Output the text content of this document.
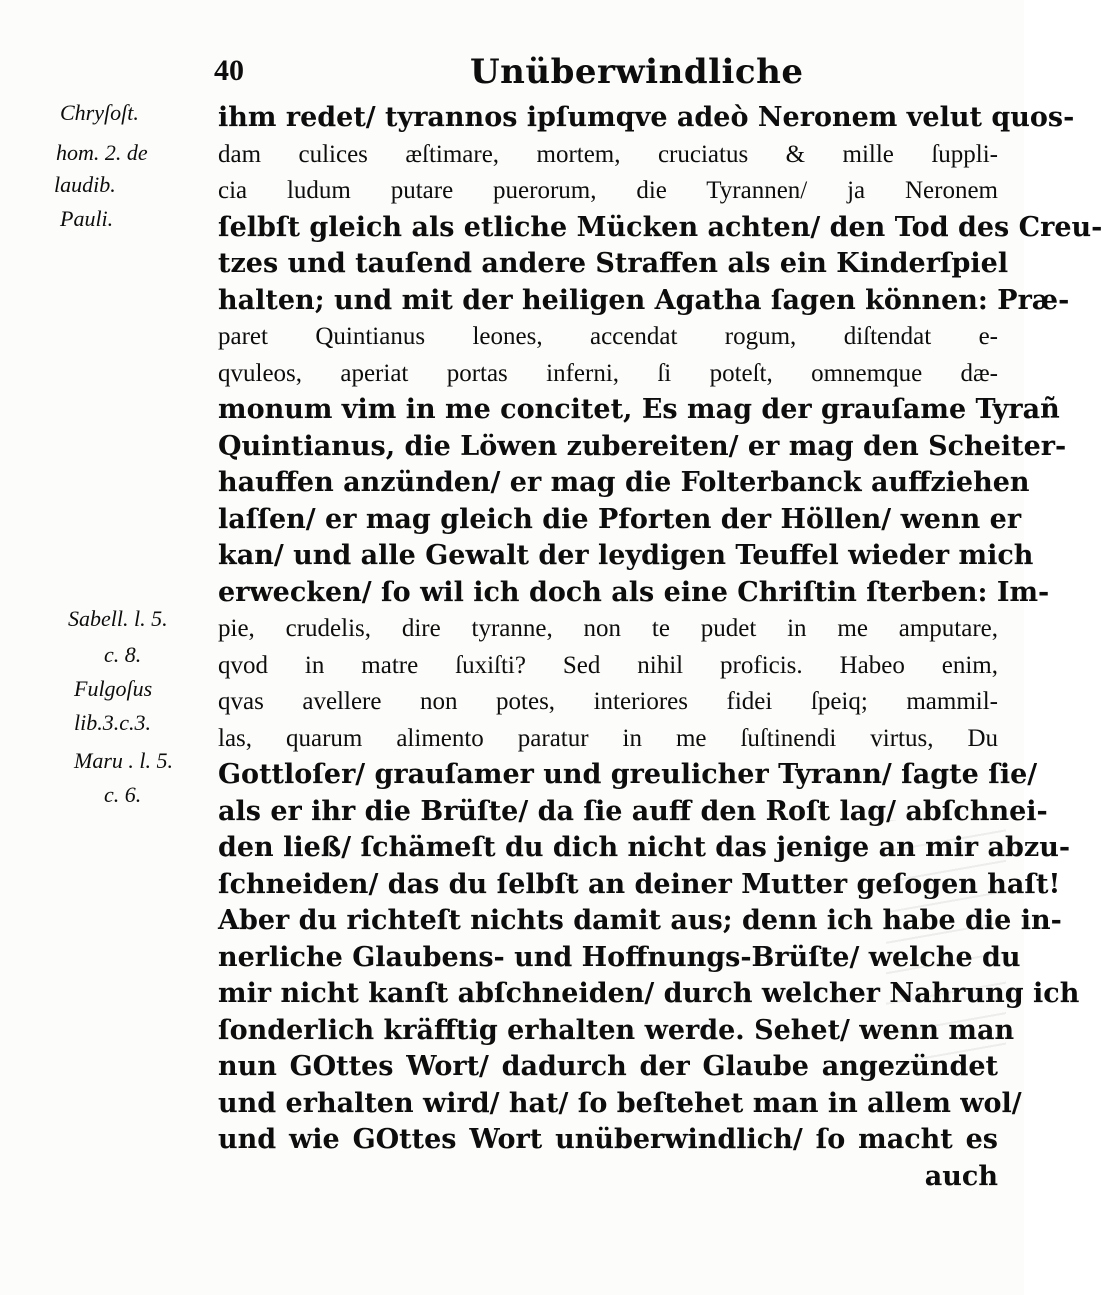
40	Unüberwindliche
Chryſoſt.
hom. 2. de
laudib.
Pauli.
Sabell. l. 5.
c. 8.
Fulgoſus
lib.3.c.3.
Maru . l. 5.
c. 6.
ihm redet/ tyrannos ipſumqve adeò Neronem velut quos-
dam culices æſtimare, mortem, cruciatus & mille ſuppli-
cia ludum putare puerorum, die Tyrannen/ ja Neronem
ſelbſt gleich als etliche Mücken achten/ den Tod des Creu-
tzes und tauſend andere Straffen als ein Kinderſpiel
halten; und mit der heiligen Agatha ſagen können: Præ-
paret Quintianus leones, accendat rogum, diſtendat e-
qvuleos, aperiat portas inferni, ſi poteſt, omnemque dæ-
monum vim in me concitet, Es mag der grauſame Tyrañ
Quintianus, die Löwen zubereiten/ er mag den Scheiter-
hauffen anzünden/ er mag die Folterbanck auffziehen
laſſen/ er mag gleich die Pforten der Höllen/ wenn er
kan/ und alle Gewalt der leydigen Teuffel wieder mich
erwecken/ ſo wil ich doch als eine Chriſtin ſterben: Im-
pie, crudelis, dire tyranne, non te pudet in me amputare,
qvod in matre ſuxiſti? Sed nihil proficis. Habeo enim,
qvas avellere non potes, interiores fidei ſpeiq; mammil-
las, quarum alimento paratur in me ſuſtinendi virtus, Du
Gottloſer/ grauſamer und greulicher Tyrann/ ſagte ſie/
als er ihr die Brüſte/ da ſie auff den Roſt lag/ abſchnei-
den ließ/ ſchämeſt du dich nicht das jenige an mir abzu-
ſchneiden/ das du ſelbſt an deiner Mutter geſogen haſt!
Aber du richteſt nichts damit aus; denn ich habe die in-
nerliche Glaubens- und Hoffnungs-Brüſte/ welche du
mir nicht kanſt abſchneiden/ durch welcher Nahrung ich
ſonderlich kräfftig erhalten werde. Sehet/ wenn man
nun GOttes Wort/ dadurch der Glaube angezündet
und erhalten wird/ hat/ ſo beſtehet man in allem wol/
und wie GOttes Wort unüberwindlich/ ſo macht es
auch
